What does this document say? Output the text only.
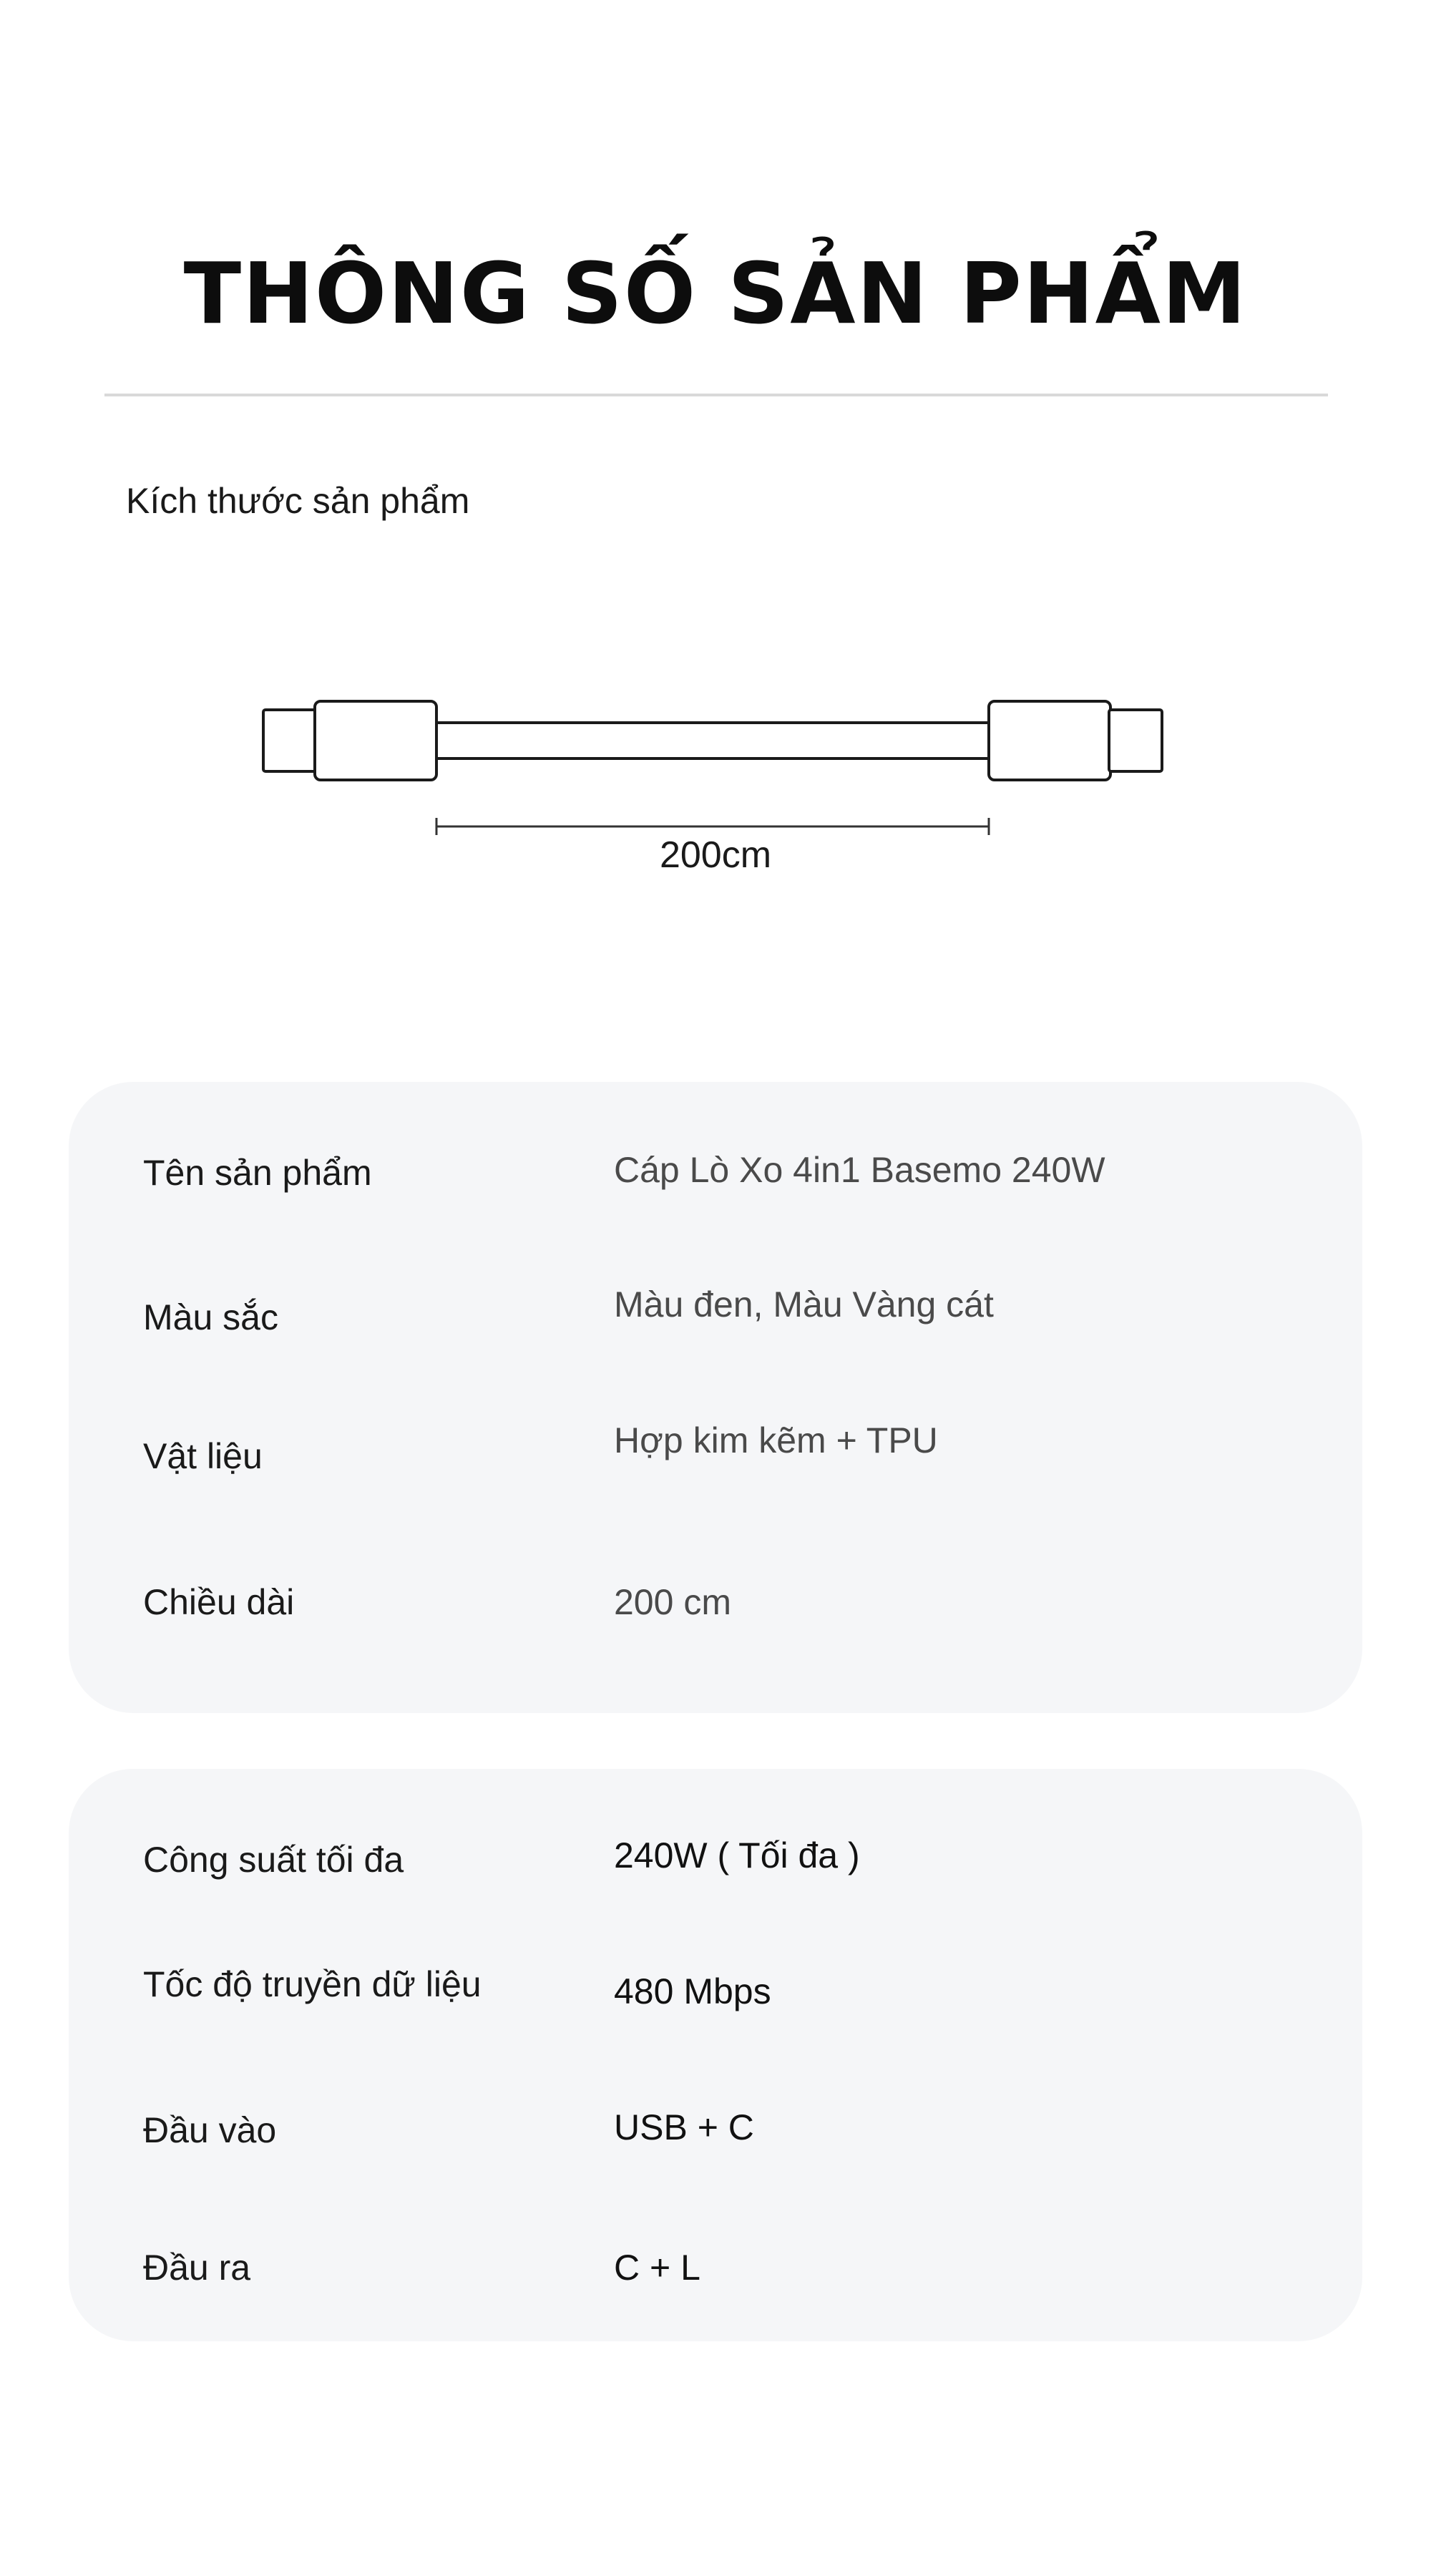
THÔNG SỐ SẢN PHẨM
Kích thước sản phẩm
200cm
Tên sản phẩm	Cáp Lò Xo 4in1 Basemo 240W
Màu sắc	Màu đen, Màu Vàng cát
Vật liệu	Hợp kim kẽm + TPU
Chiều dài	200 cm
Công suất tối đa	240W ( Tối đa )
Tốc độ truyền dữ liệu	480 Mbps
Đầu vào	USB + C
Đầu ra	C + L
